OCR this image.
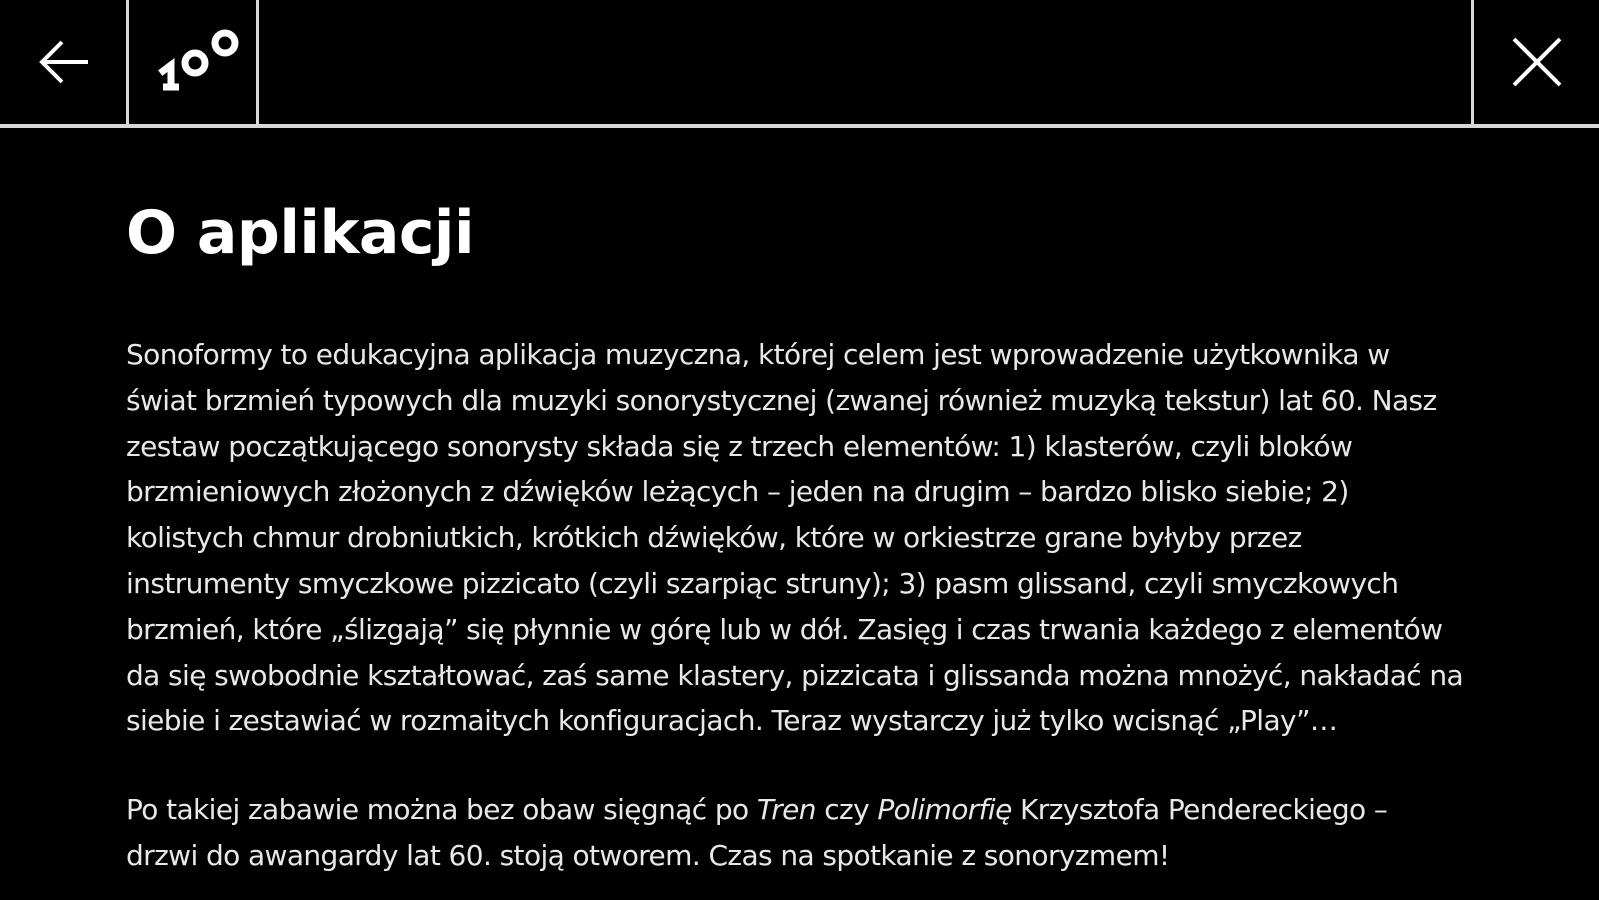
O aplikacji

Sonoformy to edukacyjna aplikacja muzyczna, której celem jest wprowadzenie użytkownika w świat brzmień typowych dla muzyki sonorystycznej (zwanej również muzyką tekstur) lat 60. Nasz zestaw początkującego sonorysty składa się z trzech elementów: 1) klasterów, czyli bloków brzmieniowych złożonych z dźwięków leżących – jeden na drugim – bardzo blisko siebie; 2) kolistych chmur drobniutkich, krótkich dźwięków, które w orkiestrze grane byłyby przez instrumenty smyczkowe pizzicato (czyli szarpiąc struny); 3) pasm glissand, czyli smyczkowych brzmień, które „ślizgają” się płynnie w górę lub w dół. Zasięg i czas trwania każdego z elementów da się swobodnie kształtować, zaś same klastery, pizzicata i glissanda można mnożyć, nakładać na siebie i zestawiać w rozmaitych konfiguracjach. Teraz wystarczy już tylko wcisnąć „Play”…

Po takiej zabawie można bez obaw sięgnąć po Tren czy Polimorfię Krzysztofa Pendereckiego – drzwi do awangardy lat 60. stoją otworem. Czas na spotkanie z sonoryzmem!
